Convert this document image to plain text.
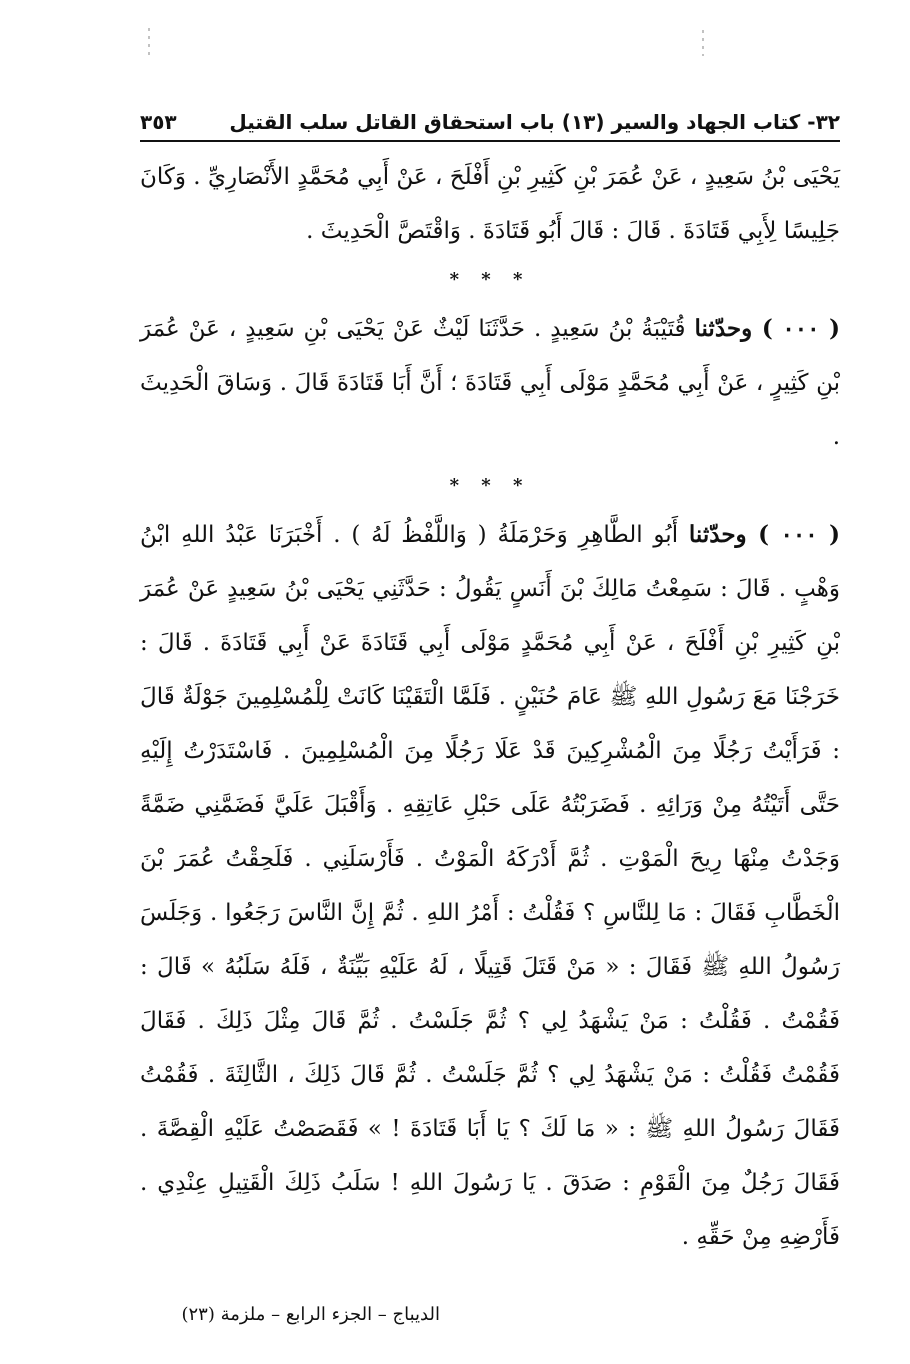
٣٢- كتاب الجهاد والسير (١٣) باب استحقاق القاتل سلب القتيل
٣٥٣

يَحْيَى بْنُ سَعِيدٍ ، عَنْ عُمَرَ بْنِ كَثِيرِ بْنِ أَفْلَحَ ، عَنْ أَبِي مُحَمَّدٍ الأَنْصَارِيِّ . وَكَانَ جَلِيسًا لِأَبِي قَتَادَةَ . قَالَ : قَالَ أَبُو قَتَادَةَ . وَاقْتَصَّ الْحَدِيثَ .

* * *

( ٠٠٠ ) وحدّثنا قُتَيْبَةُ بْنُ سَعِيدٍ . حَدَّثَنَا لَيْثٌ عَنْ يَحْيَى بْنِ سَعِيدٍ ، عَنْ عُمَرَ بْنِ كَثِيرٍ ، عَنْ أَبِي مُحَمَّدٍ مَوْلَى أَبِي قَتَادَةَ ؛ أَنَّ أَبَا قَتَادَةَ قَالَ . وَسَاقَ الْحَدِيثَ .

* * *

( ٠٠٠ ) وحدّثنا أَبُو الطَّاهِرِ وَحَرْمَلَةُ ( وَاللَّفْظُ لَهُ ) . أَخْبَرَنَا عَبْدُ اللهِ ابْنُ وَهْبٍ . قَالَ : سَمِعْتُ مَالِكَ بْنَ أَنَسٍ يَقُولُ : حَدَّثَنِي يَحْيَى بْنُ سَعِيدٍ عَنْ عُمَرَ بْنِ كَثِيرِ بْنِ أَفْلَحَ ، عَنْ أَبِي مُحَمَّدٍ مَوْلَى أَبِي قَتَادَةَ عَنْ أَبِي قَتَادَةَ . قَالَ : خَرَجْنَا مَعَ رَسُولِ اللهِ ﷺ عَامَ حُنَيْنٍ . فَلَمَّا الْتَقَيْنَا كَانَتْ لِلْمُسْلِمِينَ جَوْلَةٌ قَالَ : فَرَأَيْتُ رَجُلًا مِنَ الْمُشْرِكِينَ قَدْ عَلَا رَجُلًا مِنَ الْمُسْلِمِينَ . فَاسْتَدَرْتُ إِلَيْهِ حَتَّى أَتَيْتُهُ مِنْ وَرَائِهِ . فَضَرَبْتُهُ عَلَى حَبْلِ عَاتِقِهِ . وَأَقْبَلَ عَلَيَّ فَضَمَّنِي ضَمَّةً وَجَدْتُ مِنْهَا رِيحَ الْمَوْتِ . ثُمَّ أَدْرَكَهُ الْمَوْتُ . فَأَرْسَلَنِي . فَلَحِقْتُ عُمَرَ بْنَ الْخَطَّابِ فَقَالَ : مَا لِلنَّاسِ ؟ فَقُلْتُ : أَمْرُ اللهِ . ثُمَّ إِنَّ النَّاسَ رَجَعُوا . وَجَلَسَ رَسُولُ اللهِ ﷺ فَقَالَ : « مَنْ قَتَلَ قَتِيلًا ، لَهُ عَلَيْهِ بَيِّنَةٌ ، فَلَهُ سَلَبُهُ » قَالَ : فَقُمْتُ . فَقُلْتُ : مَنْ يَشْهَدُ لِي ؟ ثُمَّ جَلَسْتُ . ثُمَّ قَالَ مِثْلَ ذَلِكَ . فَقَالَ فَقُمْتُ فَقُلْتُ : مَنْ يَشْهَدُ لِي ؟ ثُمَّ جَلَسْتُ . ثُمَّ قَالَ ذَلِكَ ، الثَّالِثَةَ . فَقُمْتُ فَقَالَ رَسُولُ اللهِ ﷺ : « مَا لَكَ ؟ يَا أَبَا قَتَادَةَ ! » فَقَصَصْتُ عَلَيْهِ الْقِصَّةَ . فَقَالَ رَجُلٌ مِنَ الْقَوْمِ : صَدَقَ . يَا رَسُولَ اللهِ ! سَلَبُ ذَلِكَ الْقَتِيلِ عِنْدِي . فَأَرْضِهِ مِنْ حَقِّهِ .

الديباج – الجزء الرابع – ملزمة (٢٣)
